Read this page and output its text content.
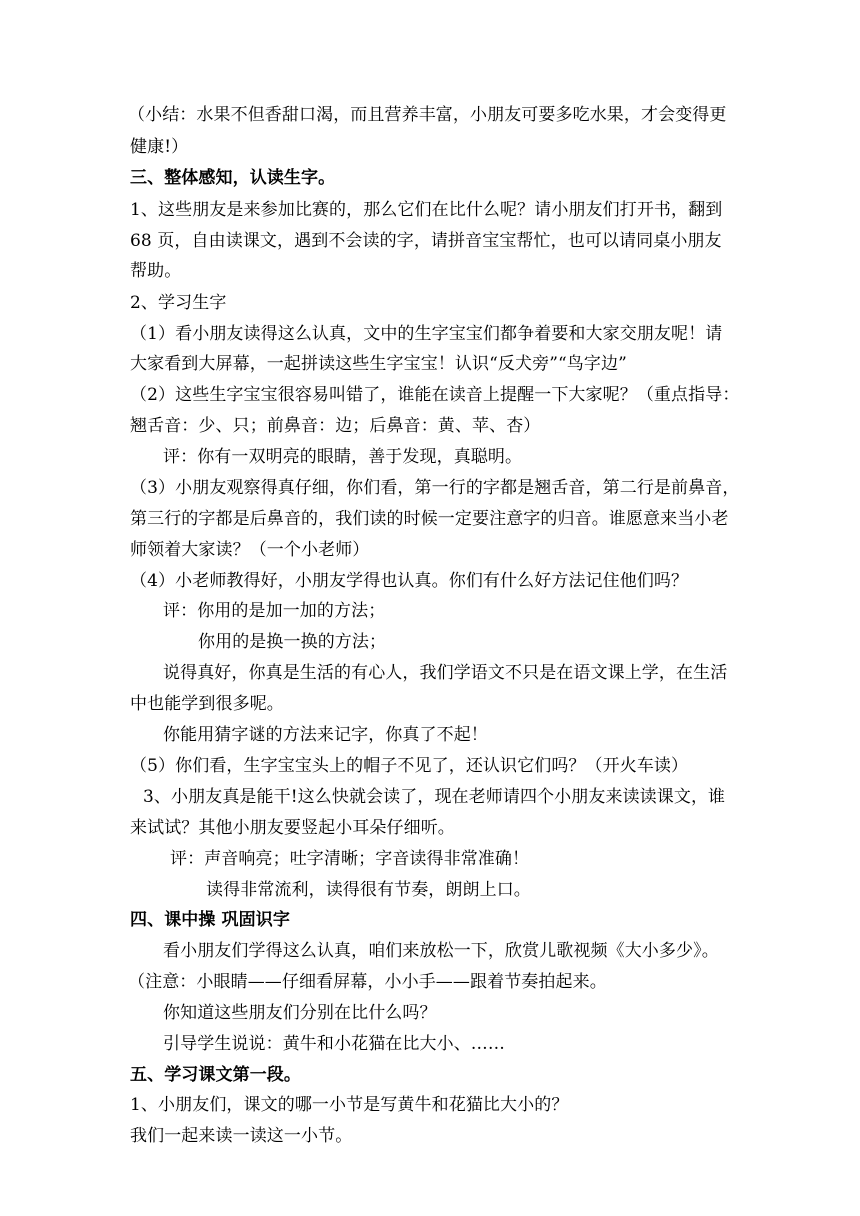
（小结：水果不但香甜口渴，而且营养丰富，小朋友可要多吃水果，才会变得更
健康!）
三、整体感知，认读生字。
1、这些朋友是来参加比赛的，那么它们在比什么呢？请小朋友们打开书，翻到
68 页，自由读课文，遇到不会读的字，请拼音宝宝帮忙，也可以请同桌小朋友
帮助。
2、学习生字
（1）看小朋友读得这么认真，文中的生字宝宝们都争着要和大家交朋友呢！请
大家看到大屏幕，一起拼读这些生字宝宝！认识“反犬旁”“鸟字边”
（2）这些生字宝宝很容易叫错了，谁能在读音上提醒一下大家呢？（重点指导：
翘舌音：少、只；前鼻音：边；后鼻音：黄、苹、杏）
评：你有一双明亮的眼睛，善于发现，真聪明。
（3）小朋友观察得真仔细，你们看，第一行的字都是翘舌音，第二行是前鼻音，
第三行的字都是后鼻音的，我们读的时候一定要注意字的归音。谁愿意来当小老
师领着大家读？（一个小老师）
（4）小老师教得好，小朋友学得也认真。你们有什么好方法记住他们吗？
评：你用的是加一加的方法；
你用的是换一换的方法；
说得真好，你真是生活的有心人，我们学语文不只是在语文课上学，在生活
中也能学到很多呢。
你能用猜字谜的方法来记字，你真了不起！
（5）你们看，生字宝宝头上的帽子不见了，还认识它们吗？（开火车读）
3、小朋友真是能干!这么快就会读了，现在老师请四个小朋友来读读课文，谁
来试试？其他小朋友要竖起小耳朵仔细听。
评：声音响亮；吐字清晰；字音读得非常准确！
读得非常流利，读得很有节奏，朗朗上口。
四、课中操 巩固识字
看小朋友们学得这么认真，咱们来放松一下，欣赏儿歌视频《大小多少》。
（注意：小眼睛——仔细看屏幕，小小手——跟着节奏拍起来。
你知道这些朋友们分别在比什么吗？
引导学生说说：黄牛和小花猫在比大小、……
五、学习课文第一段。
1、小朋友们，课文的哪一小节是写黄牛和花猫比大小的？
我们一起来读一读这一小节。
